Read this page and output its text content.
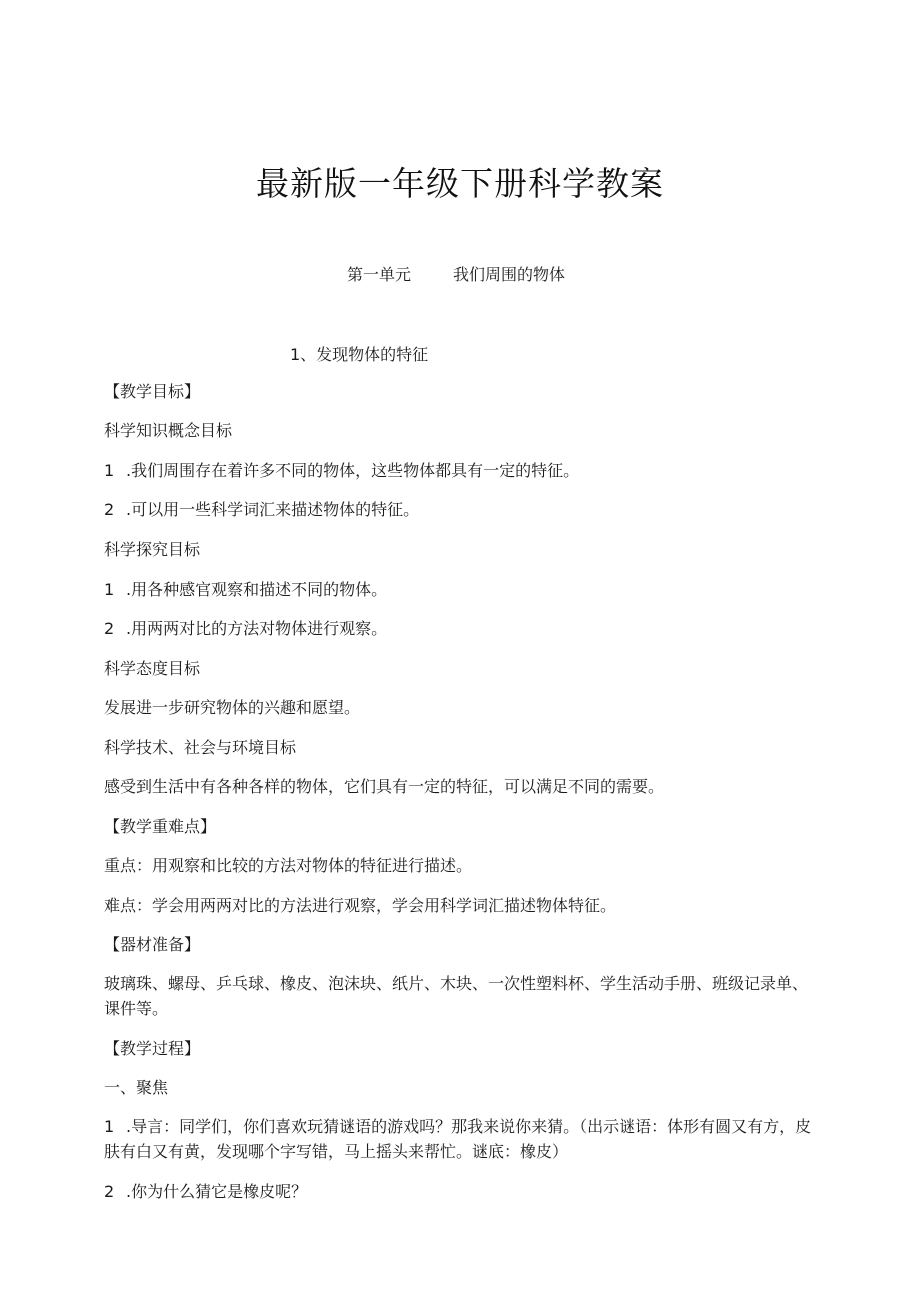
最新版一年级下册科学教案
第一单元	我们周围的物体
1、发现物体的特征
【教学目标】
科学知识概念目标
1 .我们周围存在着许多不同的物体，这些物体都具有一定的特征。
2 .可以用一些科学词汇来描述物体的特征。
科学探究目标
1 .用各种感官观察和描述不同的物体。
2 .用两两对比的方法对物体进行观察。
科学态度目标
发展进一步研究物体的兴趣和愿望。
科学技术、社会与环境目标
感受到生活中有各种各样的物体，它们具有一定的特征，可以满足不同的需要。
【教学重难点】
重点：用观察和比较的方法对物体的特征进行描述。
难点：学会用两两对比的方法进行观察，学会用科学词汇描述物体特征。
【器材准备】
玻璃珠、螺母、乒乓球、橡皮、泡沫块、纸片、木块、一次性塑料杯、学生活动手册、班级记录单、课件等。
【教学过程】
一、聚焦
1 .导言：同学们，你们喜欢玩猜谜语的游戏吗？那我来说你来猜。（出示谜语：体形有圆又有方，皮肤有白又有黄，发现哪个字写错，马上摇头来帮忙。谜底：橡皮）
2 .你为什么猜它是橡皮呢？
